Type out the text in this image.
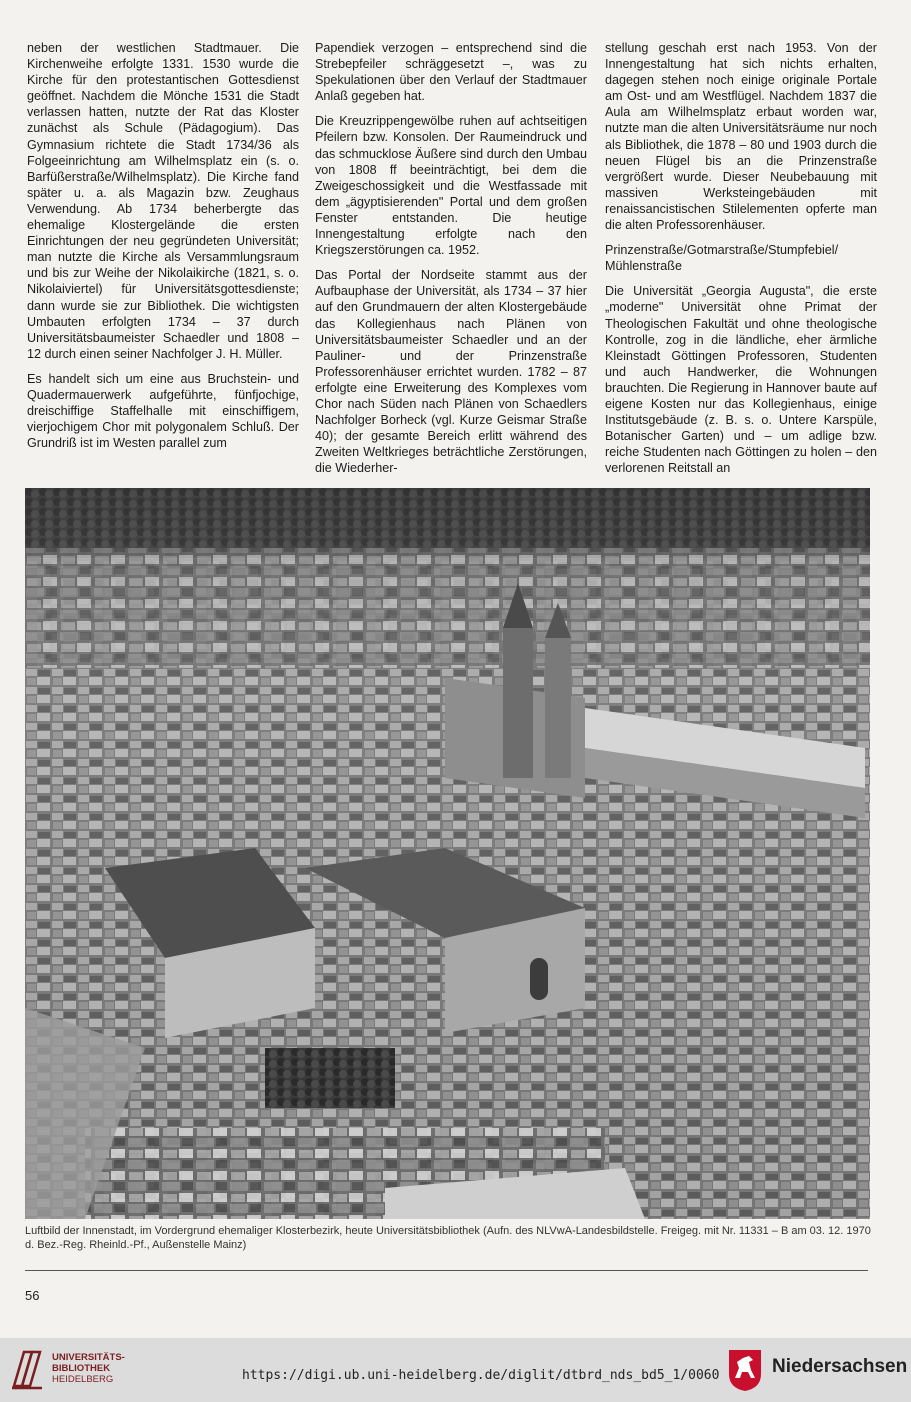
neben der westlichen Stadtmauer. Die Kirchenweihe erfolgte 1331. 1530 wurde die Kirche für den protestantischen Gottesdienst geöffnet. Nachdem die Mönche 1531 die Stadt verlassen hatten, nutzte der Rat das Kloster zunächst als Schule (Pädagogium). Das Gymnasium richtete die Stadt 1734/36 als Folgeeinrichtung am Wilhelmsplatz ein (s. o. Barfüßerstraße/Wilhelmsplatz). Die Kirche fand später u. a. als Magazin bzw. Zeughaus Verwendung. Ab 1734 beherbergte das ehemalige Klostergelände die ersten Einrichtungen der neu gegründeten Universität; man nutzte die Kirche als Versammlungsraum und bis zur Weihe der Nikolaikirche (1821, s. o. Nikolaiviertel) für Universitätsgottesdienste; dann wurde sie zur Bibliothek. Die wichtigsten Umbauten erfolgten 1734 – 37 durch Universitätsbaumeister Schaedler und 1808 – 12 durch einen seiner Nachfolger J. H. Müller.

Es handelt sich um eine aus Bruchstein- und Quadermauerwerk aufgeführte, fünfjochige, dreischiffige Staffelhalle mit einschiffigem, vierjochigem Chor mit polygonalem Schluß. Der Grundriß ist im Westen parallel zum

Papendiek verzogen – entsprechend sind die Strebepfeiler schräggesetzt –, was zu Spekulationen über den Verlauf der Stadtmauer Anlaß gegeben hat.

Die Kreuzrippengewölbe ruhen auf achtseitigen Pfeilern bzw. Konsolen. Der Raumeindruck und das schmucklose Äußere sind durch den Umbau von 1808 ff beeinträchtigt, bei dem die Zweigeschossigkeit und die Westfassade mit dem „ägyptisierenden" Portal und dem großen Fenster entstanden. Die heutige Innengestaltung erfolgte nach den Kriegszerstörungen ca. 1952.

Das Portal der Nordseite stammt aus der Aufbauphase der Universität, als 1734 – 37 hier auf den Grundmauern der alten Klostergebäude das Kollegienhaus nach Plänen von Universitätsbaumeister Schaedler und an der Pauliner- und der Prinzenstraße Professorenhäuser errichtet wurden. 1782 – 87 erfolgte eine Erweiterung des Komplexes vom Chor nach Süden nach Plänen von Schaedlers Nachfolger Borheck (vgl. Kurze Geismar Straße 40); der gesamte Bereich erlitt während des Zweiten Weltkrieges beträchtliche Zerstörungen, die Wiederher-

stellung geschah erst nach 1953. Von der Innengestaltung hat sich nichts erhalten, dagegen stehen noch einige originale Portale am Ost- und am Westflügel. Nachdem 1837 die Aula am Wilhelmsplatz erbaut worden war, nutzte man die alten Universitätsräume nur noch als Bibliothek, die 1878 – 80 und 1903 durch die neuen Flügel bis an die Prinzenstraße vergrößert wurde. Dieser Neubebauung mit massiven Werksteingebäuden mit renaissancistischen Stilelementen opferte man die alten Professorenhäuser.

Prinzenstraße/Gotmarstraße/Stumpfebiel/ Mühlenstraße

Die Universität „Georgia Augusta", die erste „moderne" Universität ohne Primat der Theologischen Fakultät und ohne theologische Kontrolle, zog in die ländliche, eher ärmliche Kleinstadt Göttingen Professoren, Studenten und auch Handwerker, die Wohnungen brauchten. Die Regierung in Hannover baute auf eigene Kosten nur das Kollegienhaus, einige Institutsgebäude (z. B. s. o. Untere Karspüle, Botanischer Garten) und – um adlige bzw. reiche Studenten nach Göttingen zu holen – den verlorenen Reitstall an

Luftbild der Innenstadt, im Vordergrund ehemaliger Klosterbezirk, heute Universitätsbibliothek (Aufn. des NLVwA-Landesbildstelle. Freigeg. mit Nr. 11331 – B am 03. 12. 1970 d. Bez.-Reg. Rheinld.-Pf., Außenstelle Mainz)
56
UNIVERSITÄTS-
BIBLIOTHEK
HEIDELBERG	https://digi.ub.uni-heidelberg.de/diglit/dtbrd_nds_bd5_1/0060	Niedersachsen
